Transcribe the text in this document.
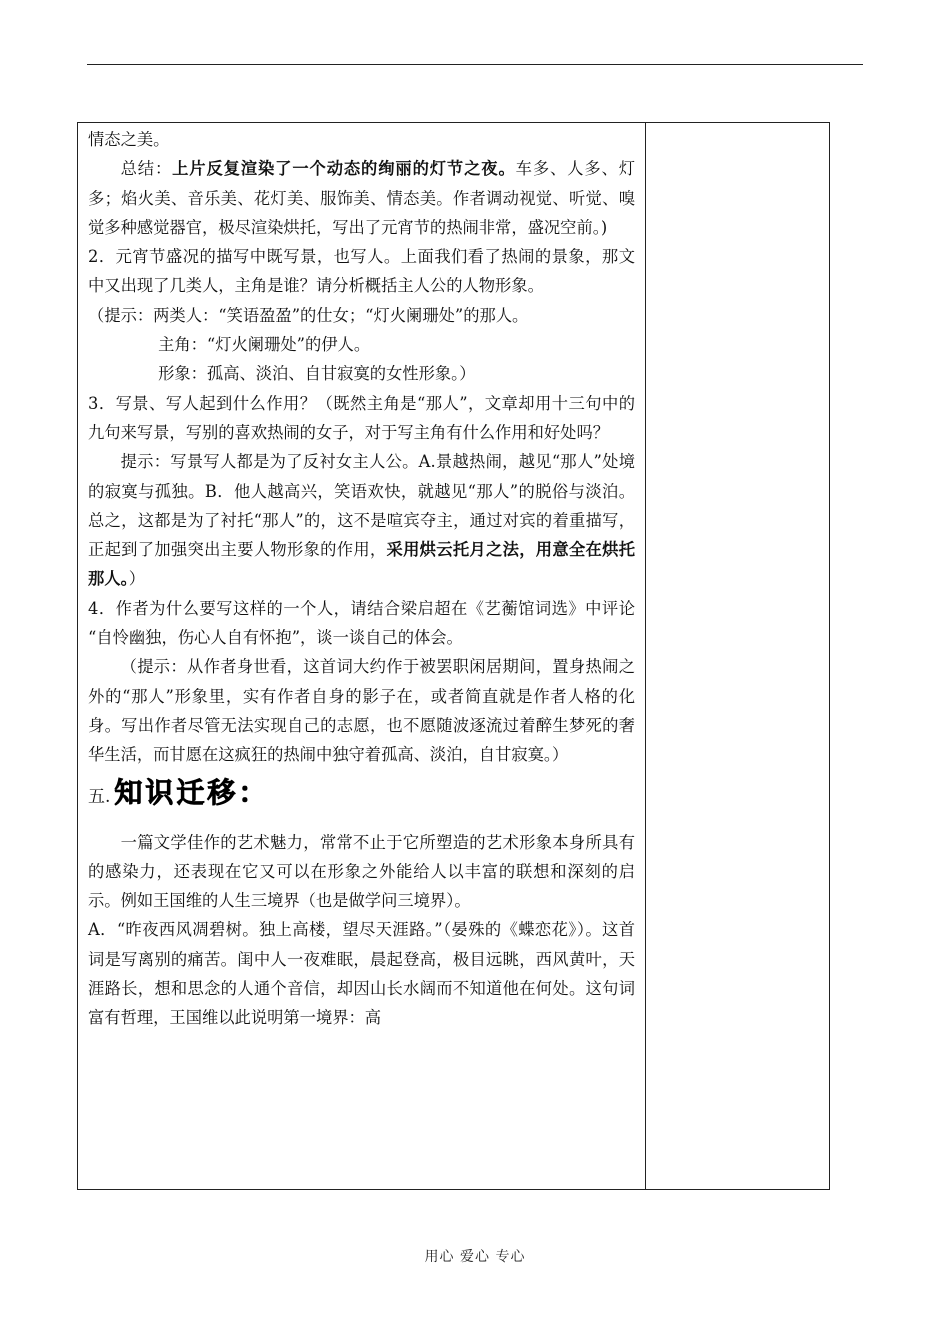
情态之美。

总结：上片反复渲染了一个动态的绚丽的灯节之夜。车多、人多、灯多；焰火美、音乐美、花灯美、服饰美、情态美。作者调动视觉、听觉、嗅觉多种感觉器官，极尽渲染烘托，写出了元宵节的热闹非常，盛况空前。)

2．元宵节盛况的描写中既写景，也写人。上面我们看了热闹的景象，那文中又出现了几类人，主角是谁？请分析概括主人公的人物形象。

（提示：两类人：“笑语盈盈”的仕女；“灯火阑珊处”的那人。

主角：“灯火阑珊处”的伊人。

形象：孤高、淡泊、自甘寂寞的女性形象。）

3．写景、写人起到什么作用？（既然主角是“那人”，文章却用十三句中的九句来写景，写别的喜欢热闹的女子，对于写主角有什么作用和好处吗？

提示：写景写人都是为了反衬女主人公。A.景越热闹，越见“那人”处境的寂寞与孤独。B．他人越高兴，笑语欢快，就越见“那人”的脱俗与淡泊。总之，这都是为了衬托“那人”的，这不是喧宾夺主，通过对宾的着重描写，正起到了加强突出主要人物形象的作用，采用烘云托月之法，用意全在烘托那人。）

4．作者为什么要写这样的一个人，请结合梁启超在《艺蘅馆词选》中评论 “自怜幽独，伤心人自有怀抱”，谈一谈自己的体会。

（提示：从作者身世看，这首词大约作于被罢职闲居期间，置身热闹之外的“那人”形象里，实有作者自身的影子在，或者简直就是作者人格的化身。写出作者尽管无法实现自己的志愿，也不愿随波逐流过着醉生梦死的奢华生活，而甘愿在这疯狂的热闹中独守着孤高、淡泊，自甘寂寞。）

五. 知识迁移：

一篇文学佳作的艺术魅力，常常不止于它所塑造的艺术形象本身所具有的感染力，还表现在它又可以在形象之外能给人以丰富的联想和深刻的启示。例如王国维的人生三境界（也是做学问三境界）。

A．“昨夜西风凋碧树。独上高楼，望尽天涯路。”（晏殊的《蝶恋花》）。这首词是写离别的痛苦。闺中人一夜难眠，晨起登高，极目远眺，西风黄叶，天涯路长，想和思念的人通个音信，却因山长水阔而不知道他在何处。这句词富有哲理，王国维以此说明第一境界：高

用心 爱心 专心
